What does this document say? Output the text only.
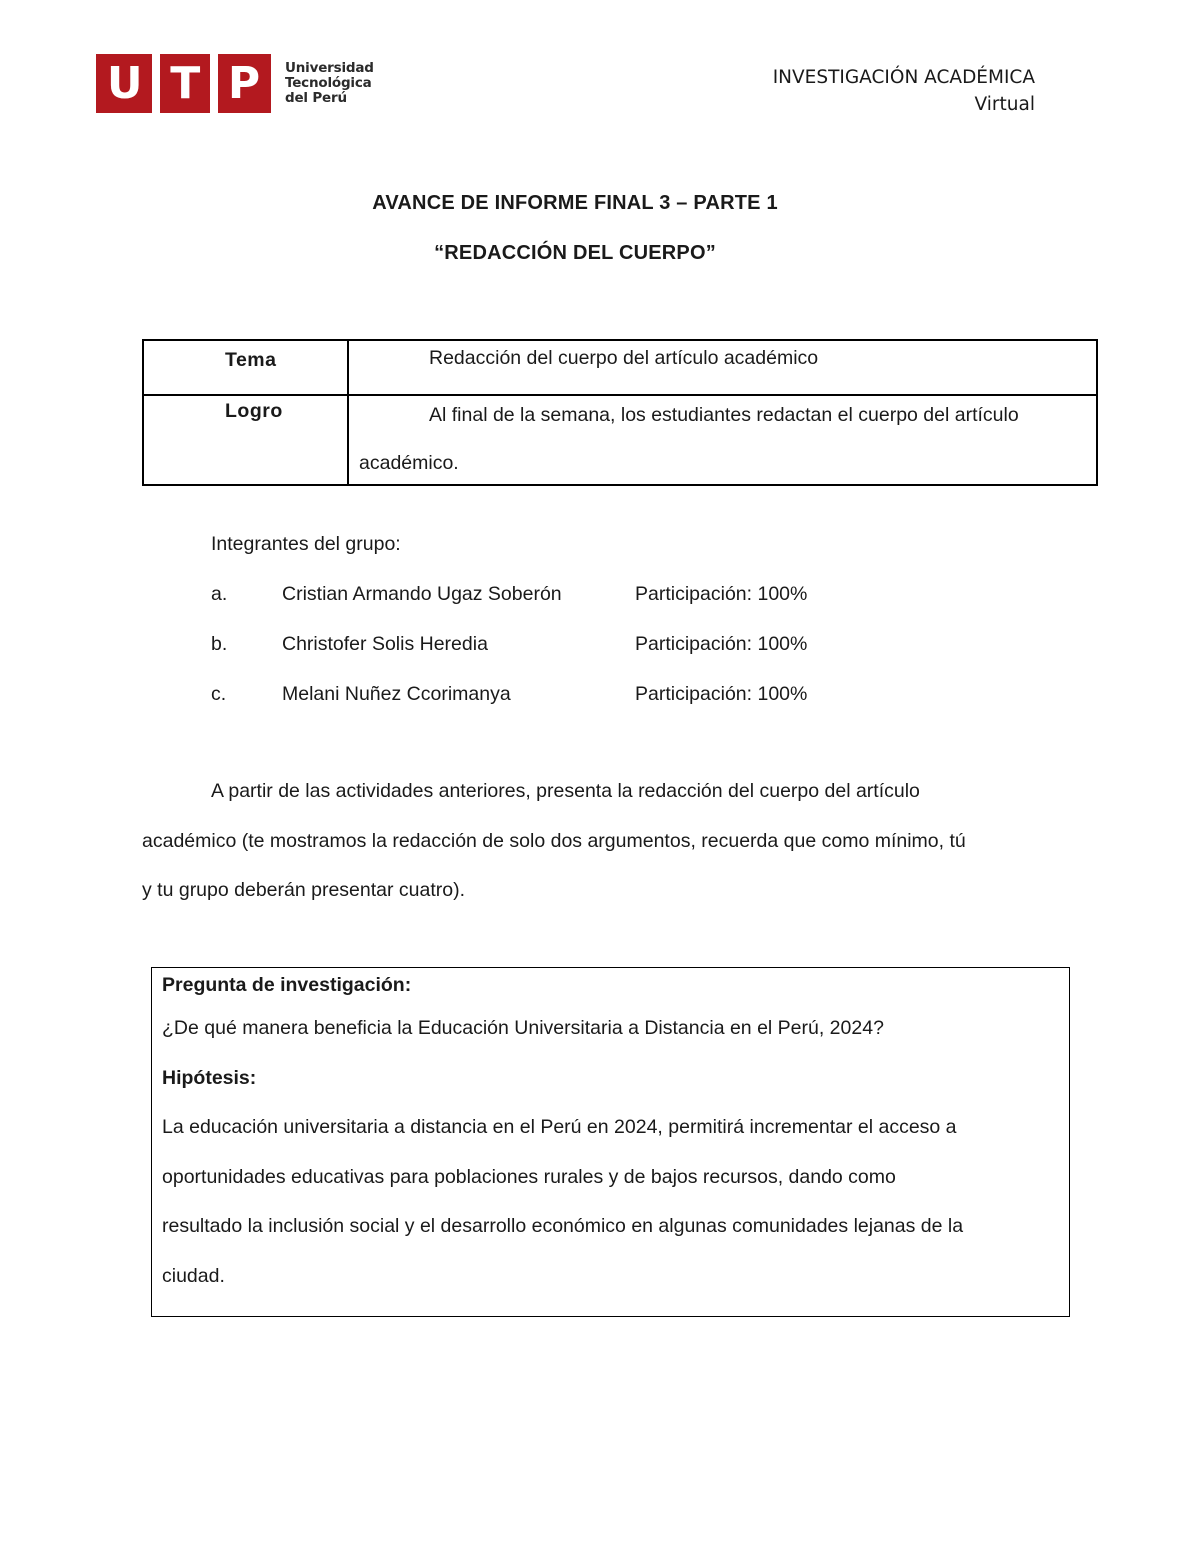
U T P Universidad
Tecnológica
del Perú
INVESTIGACIÓN ACADÉMICA
Virtual
AVANCE DE INFORME FINAL 3 – PARTE 1
“REDACCIÓN DEL CUERPO”
Tema	Redacción del cuerpo del artículo académico
Logro	Al final de la semana, los estudiantes redactan el cuerpo del artículo
académico.
Integrantes del grupo:
a.	Cristian Armando Ugaz Soberón	Participación: 100%
b.	Christofer Solis Heredia	Participación: 100%
c.	Melani Nuñez Ccorimanya	Participación: 100%
A partir de las actividades anteriores, presenta la redacción del cuerpo del artículo
académico (te mostramos la redacción de solo dos argumentos, recuerda que como mínimo, tú
y tu grupo deberán presentar cuatro).
Pregunta de investigación:
¿De qué manera beneficia la Educación Universitaria a Distancia en el Perú, 2024?
Hipótesis:
La educación universitaria a distancia en el Perú en 2024, permitirá incrementar el acceso a
oportunidades educativas para poblaciones rurales y de bajos recursos, dando como
resultado la inclusión social y el desarrollo económico en algunas comunidades lejanas de la
ciudad.
